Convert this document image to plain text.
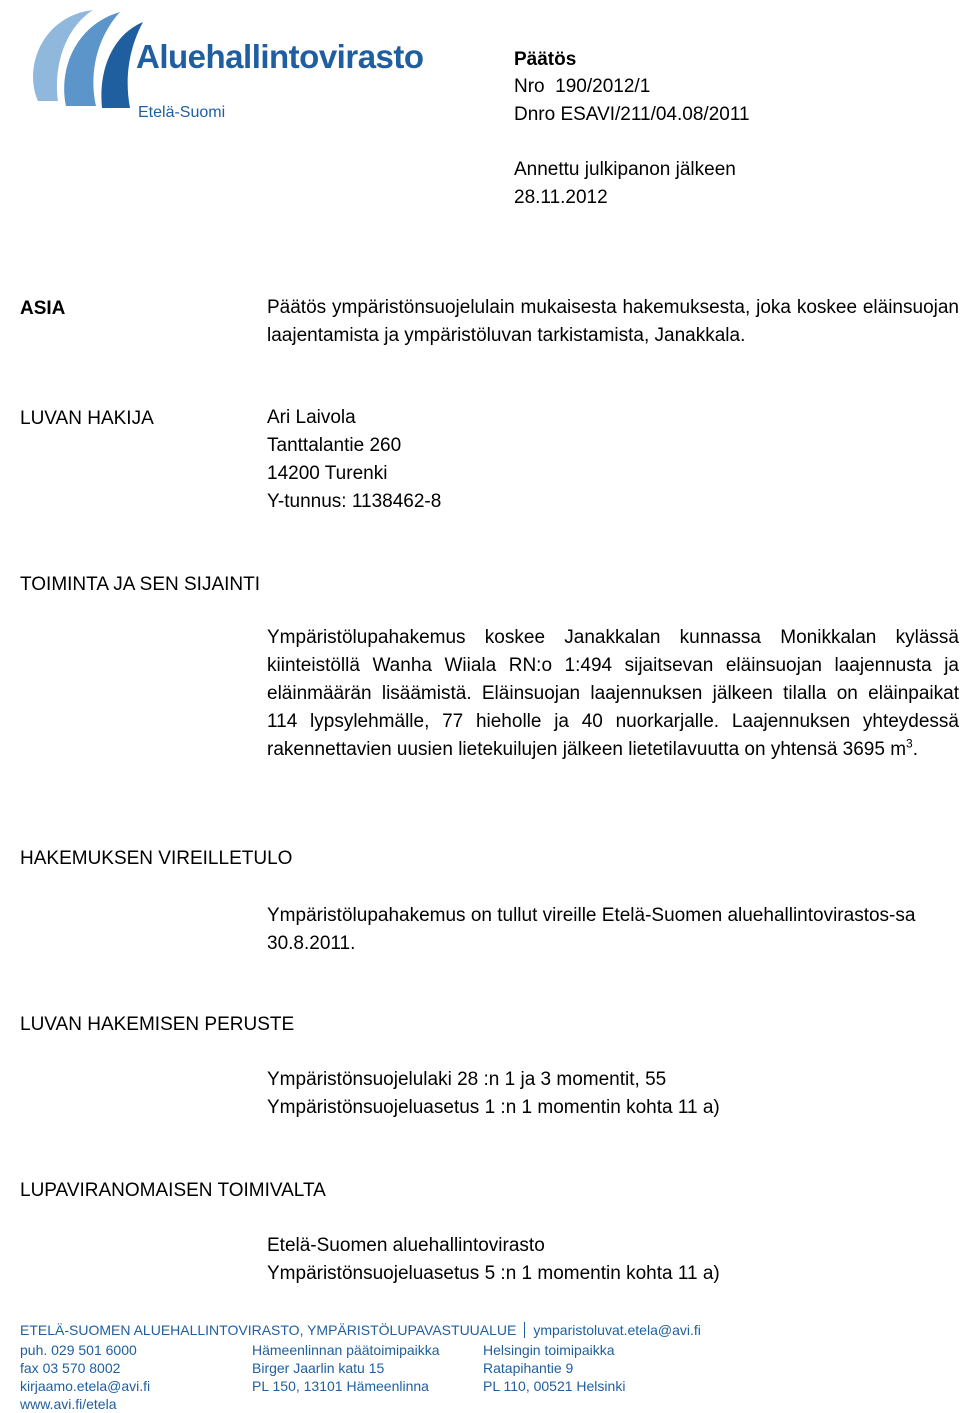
Aluehallintovirasto
Etelä-Suomi
Päätös
Nro  190/2012/1
Dnro ESAVI/211/04.08/2011
Annettu julkipanon jälkeen
28.11.2012
ASIA	Päätös ympäristönsuojelulain mukaisesta hakemuksesta, joka koskee eläinsuojan laajentamista ja ympäristöluvan tarkistamista, Janakkala.
LUVAN HAKIJA	Ari Laivola
Tanttalantie 260
14200 Turenki
Y-tunnus: 1138462-8
TOIMINTA JA SEN SIJAINTI
Ympäristölupahakemus koskee Janakkalan kunnassa Monikkalan kylässä kiinteistöllä Wanha Wiiala RN:o 1:494 sijaitsevan eläinsuojan laajennusta ja eläinmäärän lisäämistä. Eläinsuojan laajennuksen jälkeen tilalla on eläinpaikat 114 lypsylehmälle, 77 hieholle ja 40 nuorkarjalle. Laajennuksen yhteydessä rakennettavien uusien lietekuilujen jälkeen lietetilavuutta on yhtensä 3695 $m^3$.
HAKEMUKSEN VIREILLETULO
Ympäristölupahakemus on tullut vireille Etelä-Suomen aluehallintovirastos-sa 30.8.2011.
LUVAN HAKEMISEN PERUSTE
Ympäristönsuojelulaki 28 :n 1 ja 3 momentit, 55
Ympäristönsuojeluasetus 1 :n 1 momentin kohta 11 a)
LUPAVIRANOMAISEN TOIMIVALTA
Etelä-Suomen aluehallintovirasto
Ympäristönsuojeluasetus 5 :n 1 momentin kohta 11 a)
ETELÄ-SUOMEN ALUEHALLINTOVIRASTO, YMPÄRISTÖLUPAVASTUUALUE ymparistoluvat.etela@avi.fi
puh. 029 501 6000
fax 03 570 8002
kirjaamo.etela@avi.fi
www.avi.fi/etela
Hämeenlinnan päätoimipaikka
Birger Jaarlin katu 15
PL 150, 13101 Hämeenlinna
Helsingin toimipaikka
Ratapihantie 9
PL 110, 00521 Helsinki
